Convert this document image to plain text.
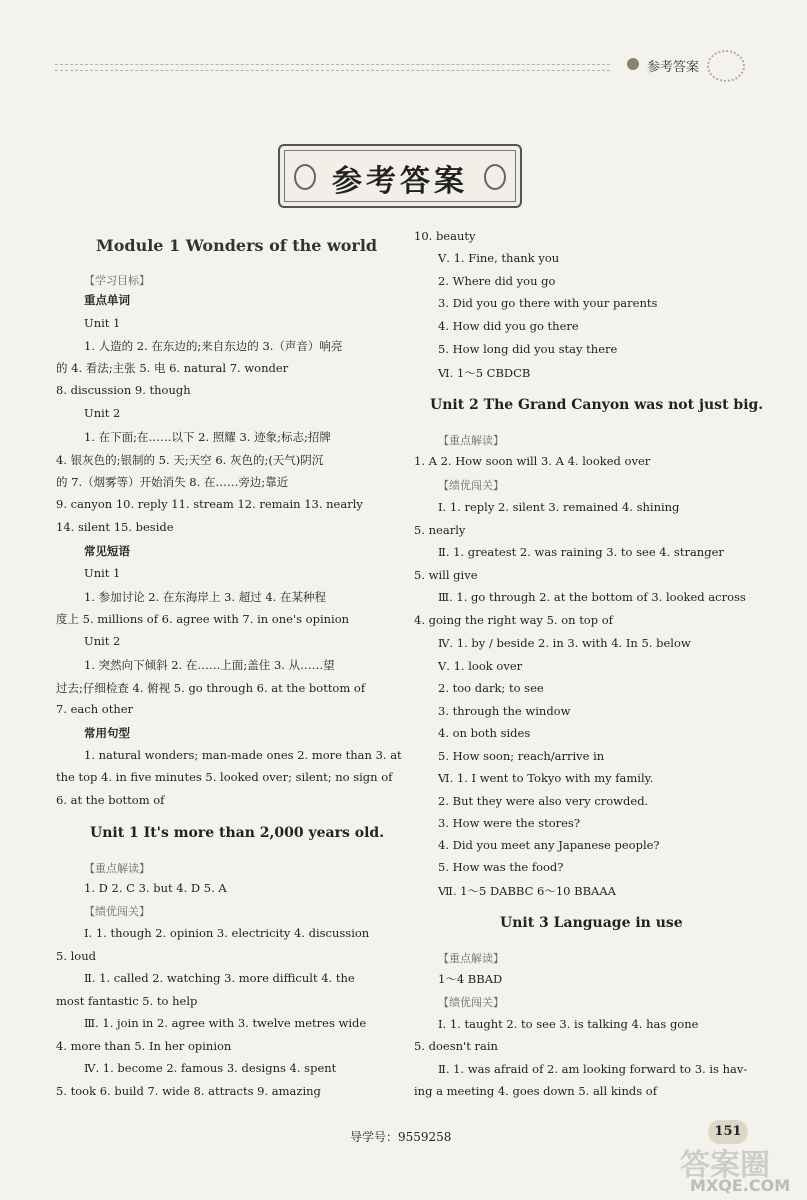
参考答案
参考答案
Module 1 Wonders of the world
【学习目标】
重点单词
Unit 1
1. 人造的 2. 在东边的;来自东边的 3.（声音）响亮
的 4. 看法;主张 5. 电 6. natural 7. wonder
8. discussion 9. though
Unit 2
1. 在下面;在……以下 2. 照耀 3. 迹象;标志;招牌
4. 银灰色的;银制的 5. 天;天空 6. 灰色的;(天气)阴沉
的 7.（烟雾等）开始消失 8. 在……旁边;靠近
9. canyon 10. reply 11. stream 12. remain 13. nearly
14. silent 15. beside
常见短语
Unit 1
1. 参加讨论 2. 在东海岸上 3. 超过 4. 在某种程
度上 5. millions of 6. agree with 7. in one's opinion
Unit 2
1. 突然向下倾斜 2. 在……上面;盖住 3. 从……望
过去;仔细检查 4. 俯视 5. go through 6. at the bottom of
7. each other
常用句型
1. natural wonders; man-made ones 2. more than 3. at
the top 4. in five minutes 5. looked over; silent; no sign of
6. at the bottom of
Unit 1 It's more than 2,000 years old.
【重点解读】
1. D 2. C 3. but 4. D 5. A
【绩优闯关】
Ⅰ. 1. though 2. opinion 3. electricity 4. discussion
5. loud
Ⅱ. 1. called 2. watching 3. more difficult 4. the
most fantastic 5. to help
Ⅲ. 1. join in 2. agree with 3. twelve metres wide
4. more than 5. In her opinion
Ⅳ. 1. become 2. famous 3. designs 4. spent
5. took 6. build 7. wide 8. attracts 9. amazing
10. beauty
Ⅴ. 1. Fine, thank you
2. Where did you go
3. Did you go there with your parents
4. How did you go there
5. How long did you stay there
Ⅵ. 1～5 CBDCB
Unit 2 The Grand Canyon was not just big.
【重点解读】
1. A 2. How soon will 3. A 4. looked over
【绩优闯关】
Ⅰ. 1. reply 2. silent 3. remained 4. shining
5. nearly
Ⅱ. 1. greatest 2. was raining 3. to see 4. stranger
5. will give
Ⅲ. 1. go through 2. at the bottom of 3. looked across
4. going the right way 5. on top of
Ⅳ. 1. by / beside 2. in 3. with 4. In 5. below
Ⅴ. 1. look over
2. too dark; to see
3. through the window
4. on both sides
5. How soon; reach/arrive in
Ⅵ. 1. I went to Tokyo with my family.
2. But they were also very crowded.
3. How were the stores?
4. Did you meet any Japanese people?
5. How was the food?
Ⅶ. 1～5 DABBC 6～10 BBAAA
Unit 3 Language in use
【重点解读】
1～4 BBAD
【绩优闯关】
Ⅰ. 1. taught 2. to see 3. is talking 4. has gone
5. doesn't rain
Ⅱ. 1. was afraid of 2. am looking forward to 3. is hav-
ing a meeting 4. goes down 5. all kinds of
导学号：9559258	151
答案圈
MXQE.COM
